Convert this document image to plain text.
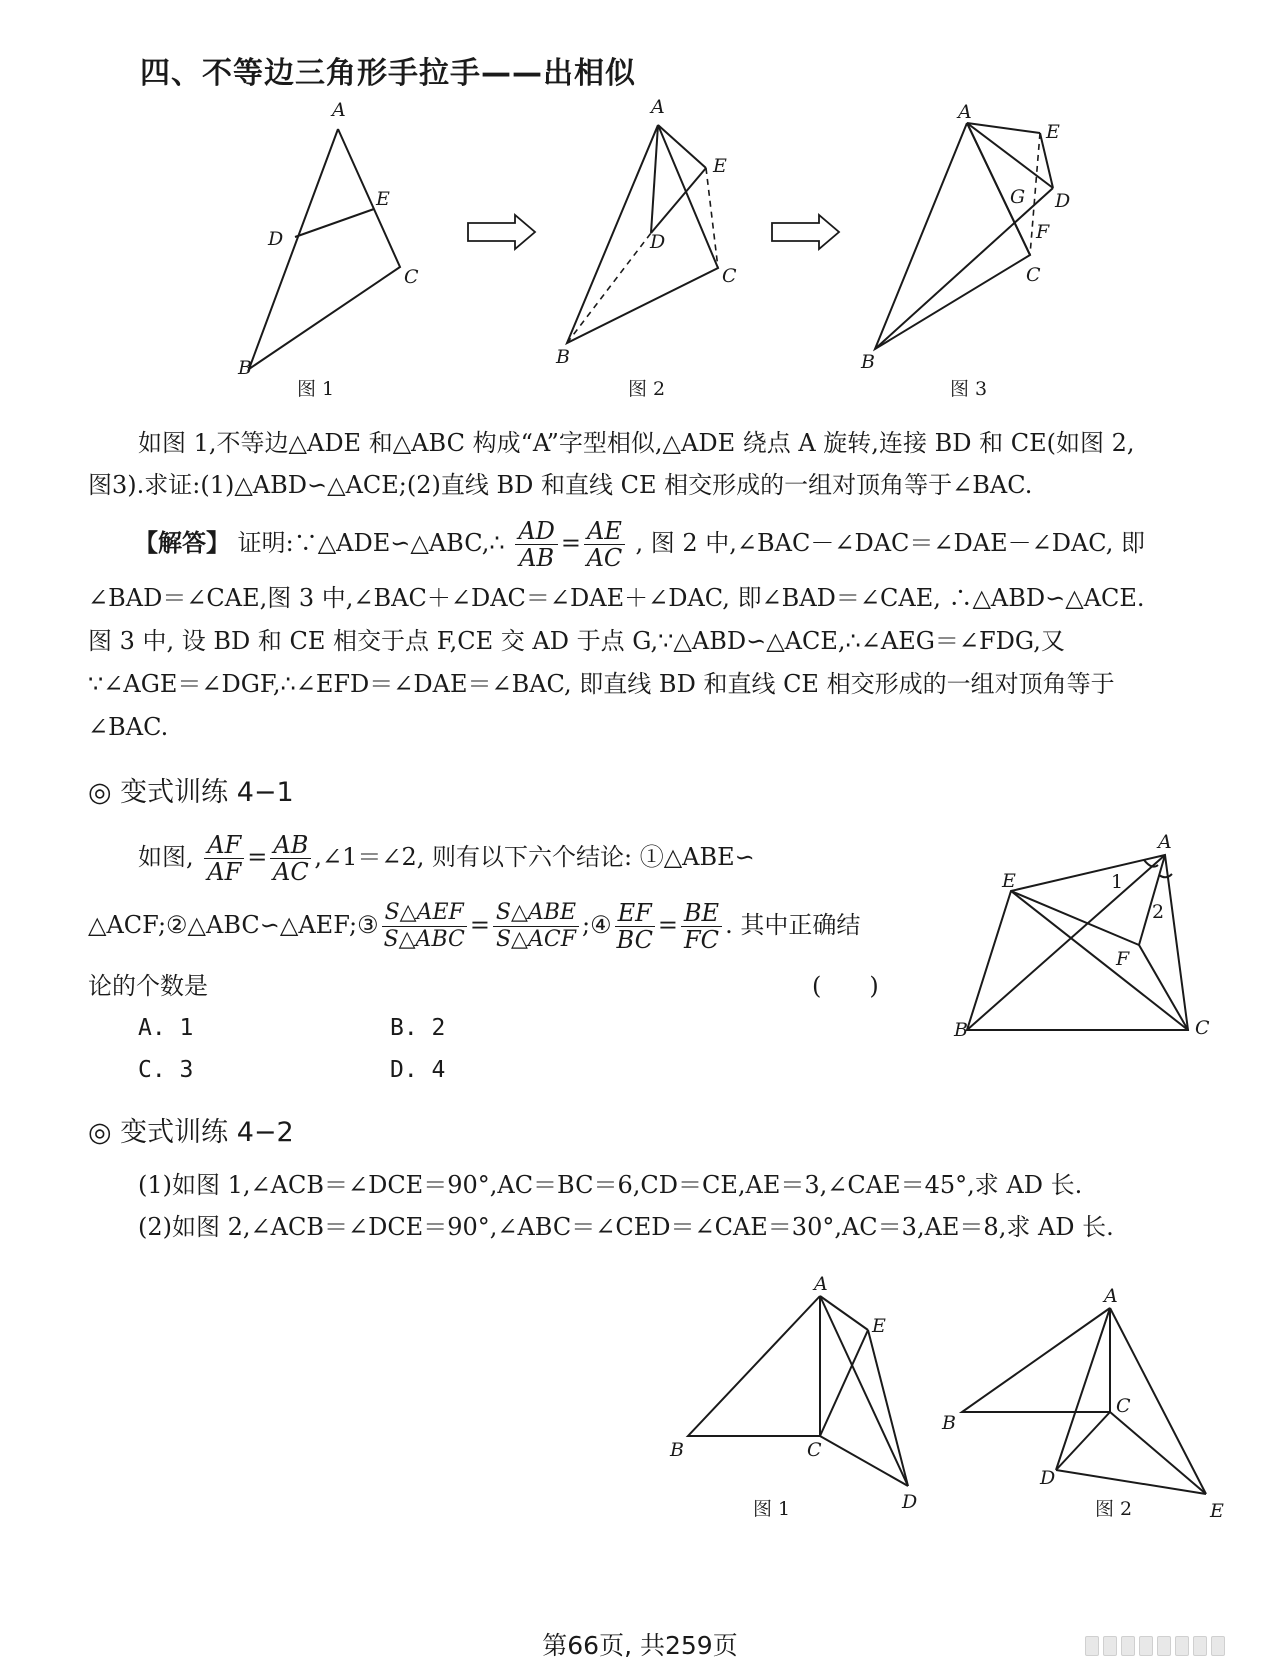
四、不等边三角形手拉手——出相似
A
B
C
D
E
图 1
A
B
C
D
E
图 2
A
B
C
D
E
F
G
图 3
如图 1,不等边△ADE 和△ABC 构成“A”字型相似,△ADE 绕点 A 旋转,连接 BD 和 CE(如图 2,
图3).求证:(1)△ABD∽△ACE;(2)直线 BD 和直线 CE 相交形成的一组对顶角等于∠BAC.
【解答】 证明:∵△ADE∽△ABC,∴ $\frac{AD}{AB} = \frac{AE}{AC}$ , 图 2 中,∠BAC－∠DAC＝∠DAE－∠DAC, 即
∠BAD＝∠CAE,图 3 中,∠BAC＋∠DAC＝∠DAE＋∠DAC, 即∠BAD＝∠CAE, ∴△ABD∽△ACE.
图 3 中, 设 BD 和 CE 相交于点 F,CE 交 AD 于点 G,∵△ABD∽△ACE,∴∠AEG＝∠FDG,又
∵∠AGE＝∠DGF,∴∠EFD＝∠DAE＝∠BAC, 即直线 BD 和直线 CE 相交形成的一组对顶角等于
∠BAC.
◎ 变式训练 4−1
如图, $\frac{AF}{AF} = \frac{AB}{AC}$ ,∠1＝∠2, 则有以下六个结论: ①△ABE∽
△ACF;②△ABC∽△AEF;③ $\frac{\text{S△AEF}}{\text{S△ABC}} = \frac{\text{S△ABE}}{\text{S△ACF}}$ ;④ $\frac{EF}{BC} = \frac{BE}{FC}$ . 其中正确结
论的个数是	(　　)
A. 1	B. 2
C. 3	D. 4
A
B	C
E
F
1
2
◎ 变式训练 4−2
(1)如图 1,∠ACB＝∠DCE＝90°,AC＝BC＝6,CD＝CE,AE＝3,∠CAE＝45°,求 AD 长.
(2)如图 2,∠ACB＝∠DCE＝90°,∠ABC＝∠CED＝∠CAE＝30°,AC＝3,AE＝8,求 AD 长.
A
B	C
D
E
图 1
A
B
C
D
E
图 2
第66页, 共259页
